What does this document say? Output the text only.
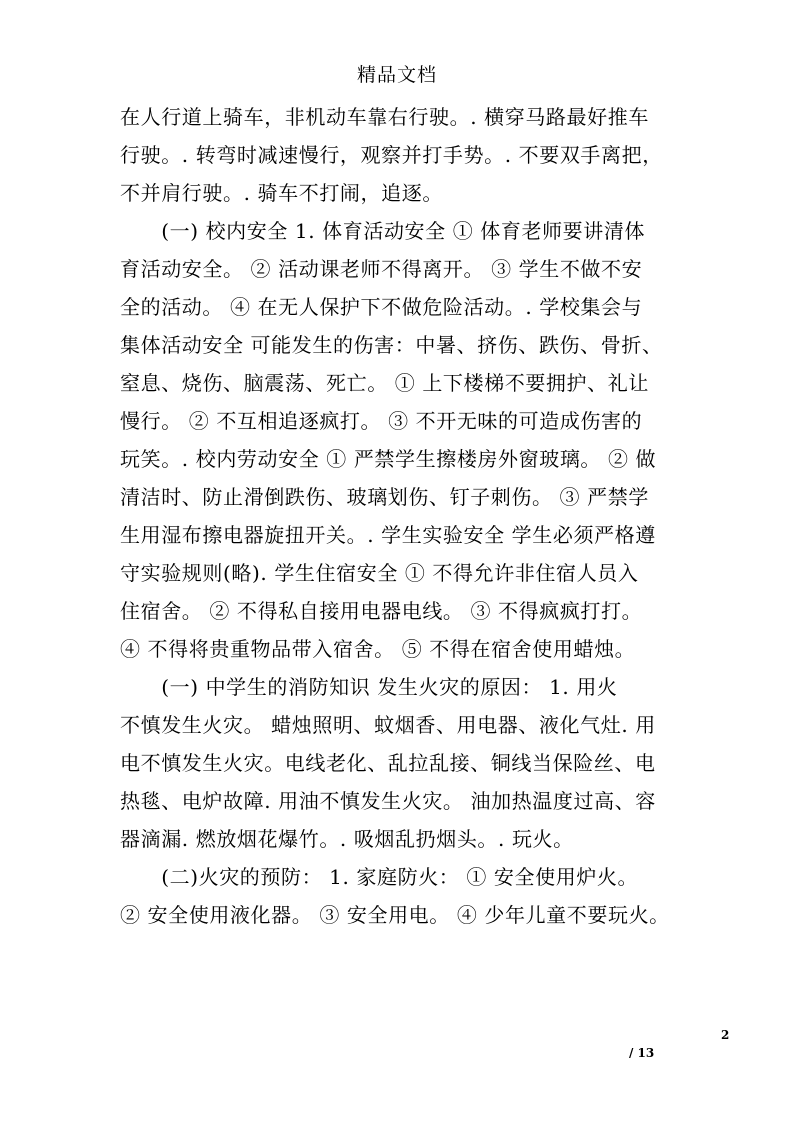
精品文档
在人行道上骑车，非机动车靠右行驶。. 横穿马路最好推车
行驶。. 转弯时减速慢行，观察并打手势。. 不要双手离把，
不并肩行驶。. 骑车不打闹，追逐。
　　(一) 校内安全 1. 体育活动安全 ① 体育老师要讲清体
育活动安全。 ② 活动课老师不得离开。 ③ 学生不做不安
全的活动。 ④ 在无人保护下不做危险活动。. 学校集会与
集体活动安全 可能发生的伤害：中暑、挤伤、跌伤、骨折、
窒息、烧伤、脑震荡、死亡。 ① 上下楼梯不要拥护、礼让
慢行。 ② 不互相追逐疯打。 ③ 不开无味的可造成伤害的
玩笑。. 校内劳动安全 ① 严禁学生擦楼房外窗玻璃。 ② 做
清洁时、防止滑倒跌伤、玻璃划伤、钉子刺伤。 ③ 严禁学
生用湿布擦电器旋扭开关。. 学生实验安全 学生必须严格遵
守实验规则(略). 学生住宿安全 ① 不得允许非住宿人员入
住宿舍。 ② 不得私自接用电器电线。 ③ 不得疯疯打打。
④ 不得将贵重物品带入宿舍。 ⑤ 不得在宿舍使用蜡烛。
　　(一) 中学生的消防知识 发生火灾的原因： 1. 用火
不慎发生火灾。 蜡烛照明、蚊烟香、用电器、液化气灶. 用
电不慎发生火灾。电线老化、乱拉乱接、铜线当保险丝、电
热毯、电炉故障. 用油不慎发生火灾。 油加热温度过高、容
器滴漏. 燃放烟花爆竹。. 吸烟乱扔烟头。. 玩火。
　　(二)火灾的预防： 1. 家庭防火： ① 安全使用炉火。
② 安全使用液化器。 ③ 安全用电。 ④ 少年儿童不要玩火。
2
/ 13
